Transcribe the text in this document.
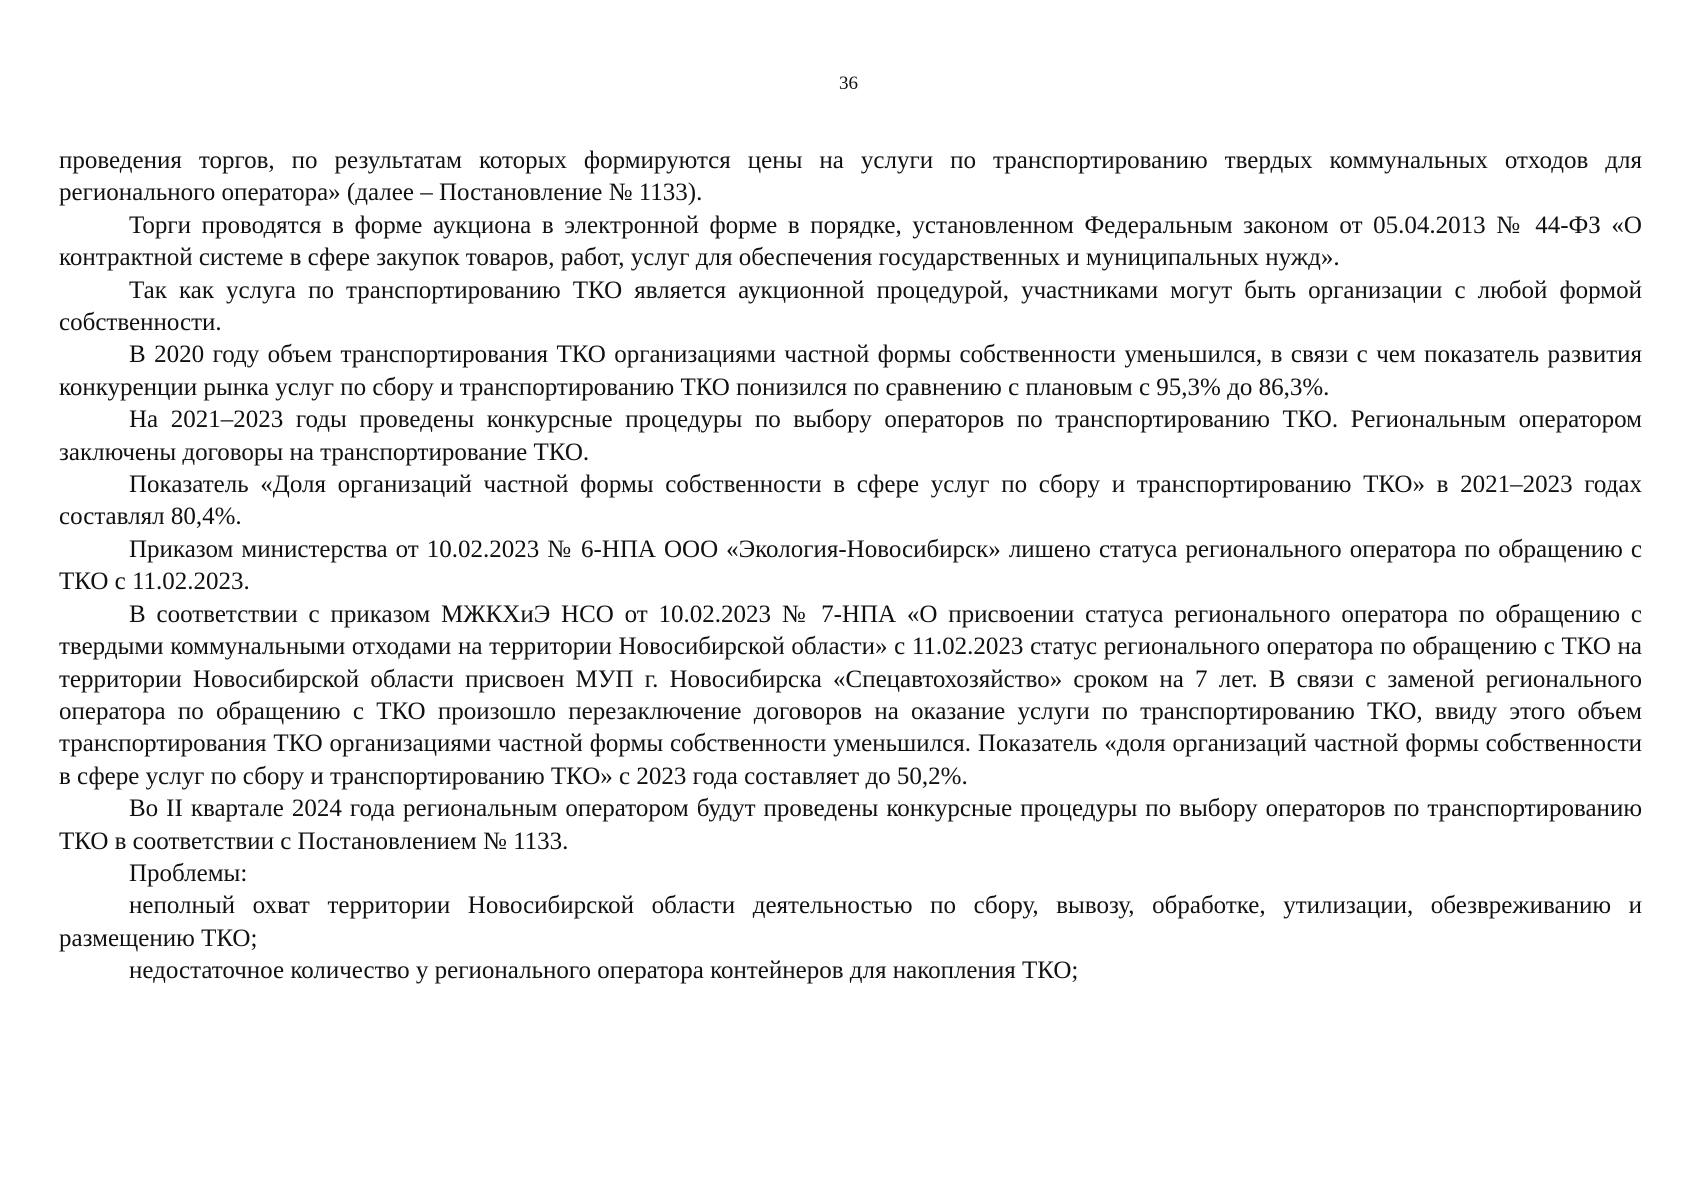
36

проведения торгов, по результатам которых формируются цены на услуги по транспортированию твердых коммунальных отходов для регионального оператора» (далее – Постановление № 1133).

Торги проводятся в форме аукциона в электронной форме в порядке, установленном Федеральным законом от 05.04.2013 № 44-ФЗ «О контрактной системе в сфере закупок товаров, работ, услуг для обеспечения государственных и муниципальных нужд».

Так как услуга по транспортированию ТКО является аукционной процедурой, участниками могут быть организации с любой формой собственности.

В 2020 году объем транспортирования ТКО организациями частной формы собственности уменьшился, в связи с чем показатель развития конкуренции рынка услуг по сбору и транспортированию ТКО понизился по сравнению с плановым с 95,3% до 86,3%.

На 2021–2023 годы проведены конкурсные процедуры по выбору операторов по транспортированию ТКО. Региональным оператором заключены договоры на транспортирование ТКО.

Показатель «Доля организаций частной формы собственности в сфере услуг по сбору и транспортированию ТКО» в 2021–2023 годах составлял 80,4%.

Приказом министерства от 10.02.2023 № 6-НПА ООО «Экология-Новосибирск» лишено статуса регионального оператора по обращению с ТКО с 11.02.2023.

В соответствии с приказом МЖКХиЭ НСО от 10.02.2023 № 7-НПА «О присвоении статуса регионального оператора по обращению с твердыми коммунальными отходами на территории Новосибирской области» с 11.02.2023 статус регионального оператора по обращению с ТКО на территории Новосибирской области присвоен МУП г. Новосибирска «Спецавтохозяйство» сроком на 7 лет. В связи с заменой регионального оператора по обращению с ТКО произошло перезаключение договоров на оказание услуги по транспортированию ТКО, ввиду этого объем транспортирования ТКО организациями частной формы собственности уменьшился. Показатель «доля организаций частной формы собственности в сфере услуг по сбору и транспортированию ТКО» с 2023 года составляет до 50,2%.

Во II квартале 2024 года региональным оператором будут проведены конкурсные процедуры по выбору операторов по транспортированию ТКО в соответствии с Постановлением № 1133.

Проблемы:

неполный охват территории Новосибирской области деятельностью по сбору, вывозу, обработке, утилизации, обезвреживанию и размещению ТКО;

недостаточное количество у регионального оператора контейнеров для накопления ТКО;
